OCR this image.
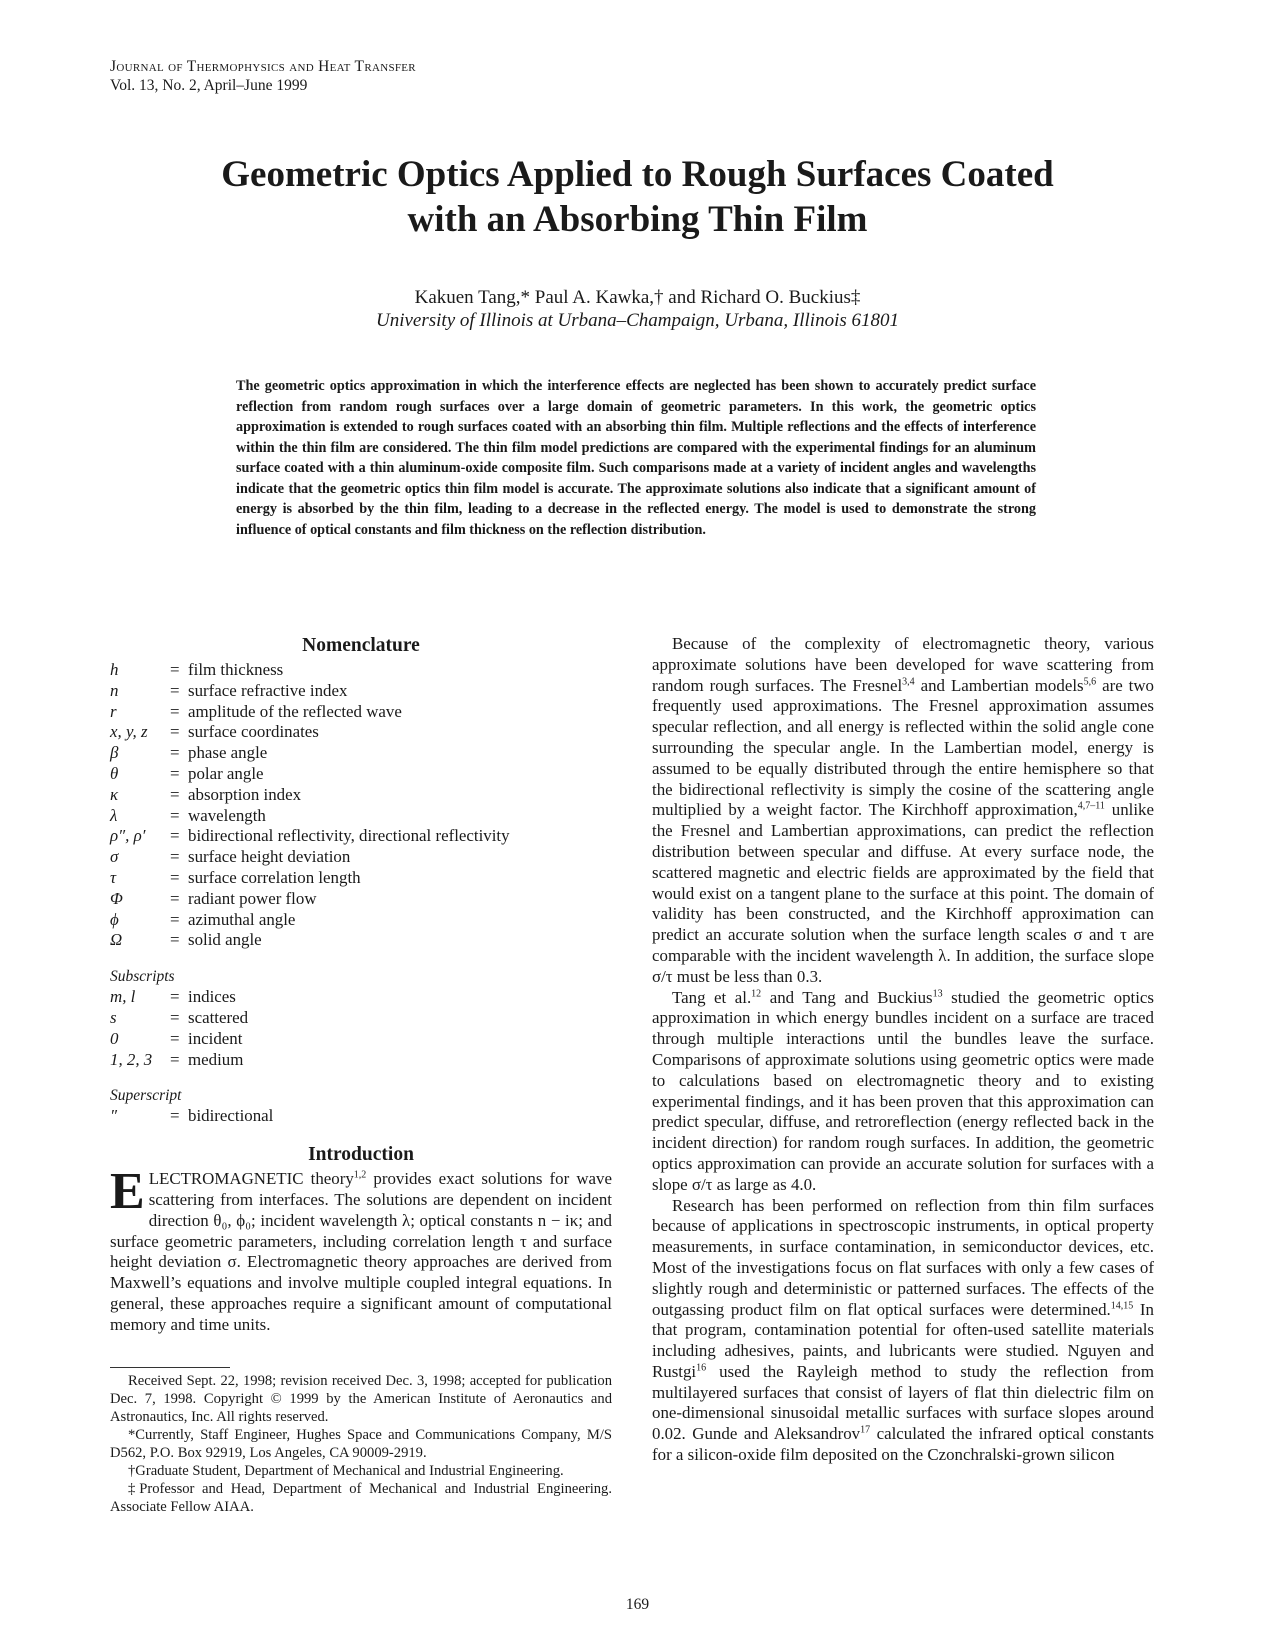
Journal of Thermophysics and Heat Transfer
Vol. 13, No. 2, April–June 1999
Geometric Optics Applied to Rough Surfaces Coated
with an Absorbing Thin Film
Kakuen Tang,* Paul A. Kawka,† and Richard O. Buckius‡
University of Illinois at Urbana–Champaign, Urbana, Illinois 61801

The geometric optics approximation in which the interference effects are neglected has been shown to accurately predict surface reflection from random rough surfaces over a large domain of geometric parameters. In this work, the geometric optics approximation is extended to rough surfaces coated with an absorbing thin film. Multiple reflections and the effects of interference within the thin film are considered. The thin film model predictions are compared with the experimental findings for an aluminum surface coated with a thin aluminum-oxide composite film. Such comparisons made at a variety of incident angles and wavelengths indicate that the geometric optics thin film model is accurate. The approximate solutions also indicate that a significant amount of energy is absorbed by the thin film, leading to a decrease in the reflected energy. The model is used to demonstrate the strong influence of optical constants and film thickness on the reflection distribution.

Nomenclature
h	= film thickness
n	= surface refractive index
r	= amplitude of the reflected wave
x, y, z	= surface coordinates
β	= phase angle
θ	= polar angle
κ	= absorption index
λ	= wavelength
ρ″, ρ′	= bidirectional reflectivity, directional reflectivity
σ	= surface height deviation
τ	= surface correlation length
Φ	= radiant power flow
ϕ	= azimuthal angle
Ω	= solid angle
Subscripts
m, l	= indices
s	= scattered
0	= incident
1, 2, 3	= medium
Superscript
″	= bidirectional
Introduction

ELECTROMAGNETIC theory$^{1,2}$ provides exact solutions for wave scattering from interfaces. The solutions are dependent on incident direction θ₀, ϕ₀; incident wavelength λ; optical constants n − iκ; and surface geometric parameters, including correlation length τ and surface height deviation σ. Electromagnetic theory approaches are derived from Maxwell’s equations and involve multiple coupled integral equations. In general, these approaches require a significant amount of computational memory and time units.

Received Sept. 22, 1998; revision received Dec. 3, 1998; accepted for publication Dec. 7, 1998. Copyright © 1999 by the American Institute of Aeronautics and Astronautics, Inc. All rights reserved.

*Currently, Staff Engineer, Hughes Space and Communications Company, M/S D562, P.O. Box 92919, Los Angeles, CA 90009-2919.

†Graduate Student, Department of Mechanical and Industrial Engineering.

‡Professor and Head, Department of Mechanical and Industrial Engineering. Associate Fellow AIAA.

Because of the complexity of electromagnetic theory, various approximate solutions have been developed for wave scattering from random rough surfaces. The Fresnel$^{3,4}$ and Lambertian models$^{5,6}$ are two frequently used approximations. The Fresnel approximation assumes specular reflection, and all energy is reflected within the solid angle cone surrounding the specular angle. In the Lambertian model, energy is assumed to be equally distributed through the entire hemisphere so that the bidirectional reflectivity is simply the cosine of the scattering angle multiplied by a weight factor. The Kirchhoff approximation,$^{4,7-11}$ unlike the Fresnel and Lambertian approximations, can predict the reflection distribution between specular and diffuse. At every surface node, the scattered magnetic and electric fields are approximated by the field that would exist on a tangent plane to the surface at this point. The domain of validity has been constructed, and the Kirchhoff approximation can predict an accurate solution when the surface length scales σ and τ are comparable with the incident wavelength λ. In addition, the surface slope σ/τ must be less than 0.3.

Tang et al.$^{12}$ and Tang and Buckius$^{13}$ studied the geometric optics approximation in which energy bundles incident on a surface are traced through multiple interactions until the bundles leave the surface. Comparisons of approximate solutions using geometric optics were made to calculations based on electromagnetic theory and to existing experimental findings, and it has been proven that this approximation can predict specular, diffuse, and retroreflection (energy reflected back in the incident direction) for random rough surfaces. In addition, the geometric optics approximation can provide an accurate solution for surfaces with a slope σ/τ as large as 4.0.

Research has been performed on reflection from thin film surfaces because of applications in spectroscopic instruments, in optical property measurements, in surface contamination, in semiconductor devices, etc. Most of the investigations focus on flat surfaces with only a few cases of slightly rough and deterministic or patterned surfaces. The effects of the outgassing product film on flat optical surfaces were determined.$^{14,15}$ In that program, contamination potential for often-used satellite materials including adhesives, paints, and lubricants were studied. Nguyen and Rustgi$^{16}$ used the Rayleigh method to study the reflection from multilayered surfaces that consist of layers of flat thin dielectric film on one-dimensional sinusoidal metallic surfaces with surface slopes around 0.02. Gunde and Aleksandrov$^{17}$ calculated the infrared optical constants for a silicon-oxide film deposited on the Czonchralski-grown silicon

169
